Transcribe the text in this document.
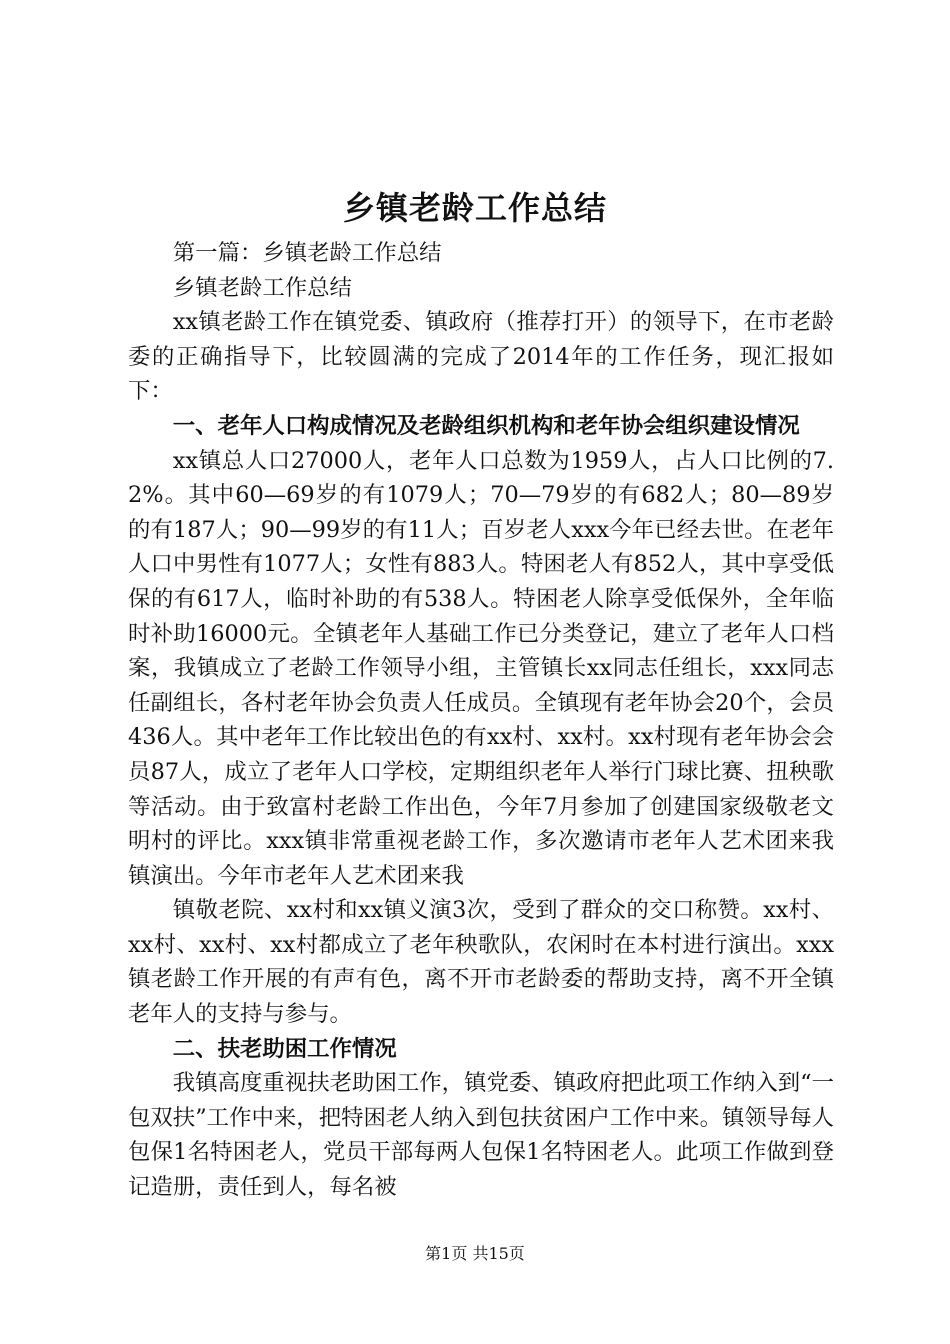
乡镇老龄工作总结

第一篇：乡镇老龄工作总结

乡镇老龄工作总结

xx镇老龄工作在镇党委、镇政府（推荐打开）的领导下，在市老龄委的正确指导下，比较圆满的完成了2014年的工作任务，现汇报如下：

一、老年人口构成情况及老龄组织机构和老年协会组织建设情况

xx镇总人口27000人，老年人口总数为1959人，占人口比例的7.2%。其中60—69岁的有1079人；70—79岁的有682人；80—89岁的有187人；90—99岁的有11人；百岁老人xxx今年已经去世。在老年人口中男性有1077人；女性有883人。特困老人有852人，其中享受低保的有617人，临时补助的有538人。特困老人除享受低保外，全年临时补助16000元。全镇老年人基础工作已分类登记，建立了老年人口档案，我镇成立了老龄工作领导小组，主管镇长xx同志任组长，xxx同志任副组长，各村老年协会负责人任成员。全镇现有老年协会20个，会员436人。其中老年工作比较出色的有xx村、xx村。xx村现有老年协会会员87人，成立了老年人口学校，定期组织老年人举行门球比赛、扭秧歌等活动。由于致富村老龄工作出色，今年7月参加了创建国家级敬老文明村的评比。xxx镇非常重视老龄工作，多次邀请市老年人艺术团来我镇演出。今年市老年人艺术团来我

镇敬老院、xx村和xx镇义演3次，受到了群众的交口称赞。xx村、xx村、xx村、xx村都成立了老年秧歌队，农闲时在本村进行演出。xxx镇老龄工作开展的有声有色，离不开市老龄委的帮助支持，离不开全镇老年人的支持与参与。

二、扶老助困工作情况

我镇高度重视扶老助困工作，镇党委、镇政府把此项工作纳入到“一包双扶”工作中来，把特困老人纳入到包扶贫困户工作中来。镇领导每人包保1名特困老人，党员干部每两人包保1名特困老人。此项工作做到登记造册，责任到人，每名被

第1页 共15页
